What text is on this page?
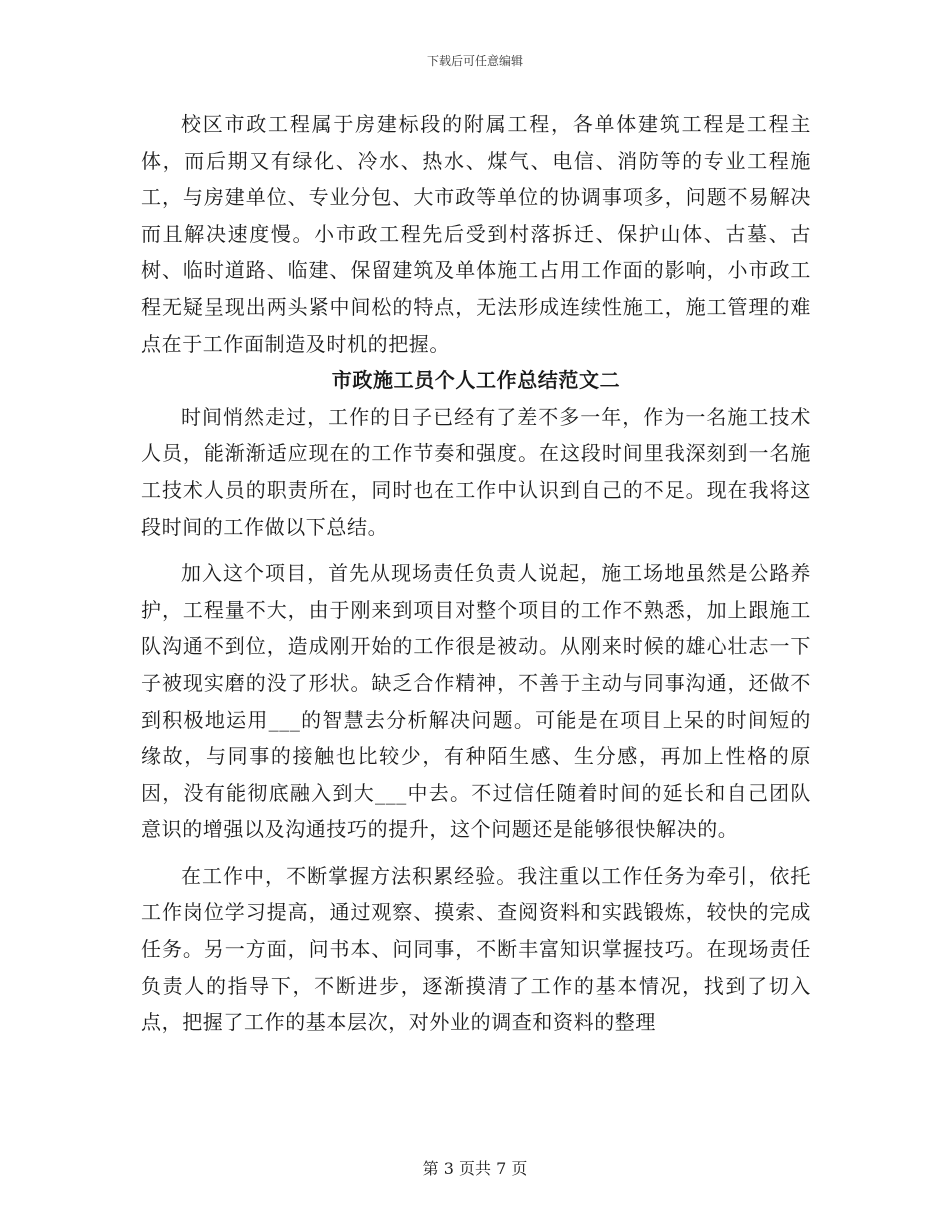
下载后可任意编辑

校区市政工程属于房建标段的附属工程，各单体建筑工程是工程主体，而后期又有绿化、冷水、热水、煤气、电信、消防等的专业工程施工，与房建单位、专业分包、大市政等单位的协调事项多，问题不易解决而且解决速度慢。小市政工程先后受到村落拆迁、保护山体、古墓、古树、临时道路、临建、保留建筑及单体施工占用工作面的影响，小市政工程无疑呈现出两头紧中间松的特点，无法形成连续性施工，施工管理的难点在于工作面制造及时机的把握。

市政施工员个人工作总结范文二

时间悄然走过，工作的日子已经有了差不多一年，作为一名施工技术人员，能渐渐适应现在的工作节奏和强度。在这段时间里我深刻到一名施工技术人员的职责所在，同时也在工作中认识到自己的不足。现在我将这段时间的工作做以下总结。

加入这个项目，首先从现场责任负责人说起，施工场地虽然是公路养护，工程量不大，由于刚来到项目对整个项目的工作不熟悉，加上跟施工队沟通不到位，造成刚开始的工作很是被动。从刚来时候的雄心壮志一下子被现实磨的没了形状。缺乏合作精神，不善于主动与同事沟通，还做不到积极地运用___的智慧去分析解决问题。可能是在项目上呆的时间短的缘故，与同事的接触也比较少，有种陌生感、生分感，再加上性格的原因，没有能彻底融入到大___中去。不过信任随着时间的延长和自己团队意识的增强以及沟通技巧的提升，这个问题还是能够很快解决的。

在工作中，不断掌握方法积累经验。我注重以工作任务为牵引，依托工作岗位学习提高，通过观察、摸索、查阅资料和实践锻炼，较快的完成任务。另一方面，问书本、问同事，不断丰富知识掌握技巧。在现场责任负责人的指导下，不断进步，逐渐摸清了工作的基本情况，找到了切入点，把握了工作的基本层次，对外业的调查和资料的整理

第 3 页共 7 页
